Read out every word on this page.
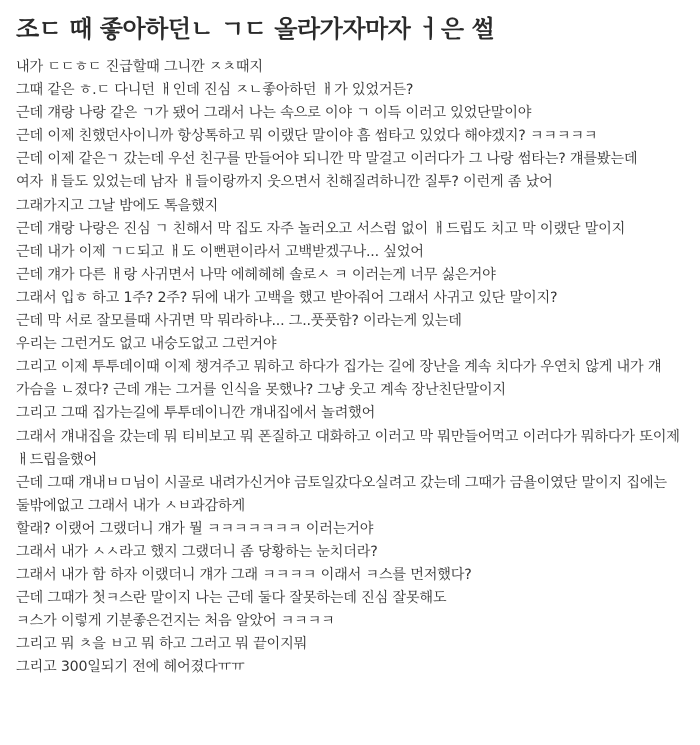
조ㄷ 때 좋아하던ㄴ ㄱㄷ 올라가자마자 ㅓ은 썰
내가 ㄷㄷㅎㄷ 진급할때 그니깐 ㅈㅊ때지
그때 같은 ㅎ.ㄷ 다니던 ㅐ인데 진심 ㅈㄴ좋아하던 ㅐ가 있었거든?
근데 걔랑 나랑 같은 ㄱ가 됐어 그래서 나는 속으로 이야 ㄱ 이득 이러고 있었단말이야
근데 이제 친했던사이니까 항상톡하고 뭐 이랬단 말이야 흠 썸타고 있었다 해야겠지? ㅋㅋㅋㅋㅋ
근데 이제 같은ㄱ 갔는데 우선 친구를 만들어야 되니깐 막 말걸고 이러다가 그 나랑 썸타는? 걔를봤는데
여자 ㅐ들도 있었는데 남자 ㅐ들이랑까지 웃으면서 친해질려하니깐 질투? 이런게 좀 났어
그래가지고 그날 밤에도 톡을했지
근데 걔랑 나랑은 진심 ㄱ 친해서 막 집도 자주 놀러오고 서스럼 없이 ㅐ드립도 치고 막 이랬단 말이지
근데 내가 이제 ㄱㄷ되고 ㅐ도 이뻔편이라서 고백받겠구나... 싶었어
근데 걔가 다른 ㅐ랑 사귀면서 나막 에헤헤헤 솔로ㅅ ㅋ 이러는게 너무 싫은거야
그래서 입ㅎ 하고 1주? 2주? 뒤에 내가 고백을 했고 받아줘어 그래서 사귀고 있단 말이지?
근데 막 서로 잘모를때 사귀면 막 뭐라하냐... 그..풋풋함? 이라는게 있는데
우리는 그런거도 없고 내숭도없고 그런거야
그리고 이제 투투데이때 이제 챙겨주고 뭐하고 하다가 집가는 길에 장난을 계속 치다가 우연치 않게 내가 걔 가슴을 ㄴ졌다? 근데 걔는 그거를 인식을 못했나? 그냥 웃고 계속 장난친단말이지
그리고 그때 집가는길에 투투데이니깐 걔내집에서 놀려했어
그래서 걔내집을 갔는데 뭐 티비보고 뭐 폰질하고 대화하고 이러고 막 뭐만들어먹고 이러다가 뭐하다가 또이제 ㅐ드립을했어
근데 그때 걔내ㅂㅁ님이 시골로 내려가신거야 금토일갔다오실려고 갔는데 그때가 금욜이였단 말이지 집에는 둘밖에없고 그래서 내가 ㅅㅂ과감하게
할래? 이랬어 그랬더니 걔가 뭘 ㅋㅋㅋㅋㅋㅋㅋ 이러는거야
그래서 내가 ㅅㅅ라고 했지 그랬더니 좀 당황하는 눈치더라?
그래서 내가 함 하자 이랬더니 걔가 그래 ㅋㅋㅋㅋ 이래서 ㅋ스를 먼저했다?
근데 그때가 첫ㅋ스란 말이지 나는 근데 둘다 잘못하는데 진심 잘못해도
ㅋ스가 이렇게 기분좋은건지는 처음 알았어 ㅋㅋㅋㅋ
그리고 뭐 ㅊ을 ㅂ고 뭐 하고 그러고 뭐 끝이지뭐
그리고 300일되기 전에 헤어졌다ㅠㅠ
